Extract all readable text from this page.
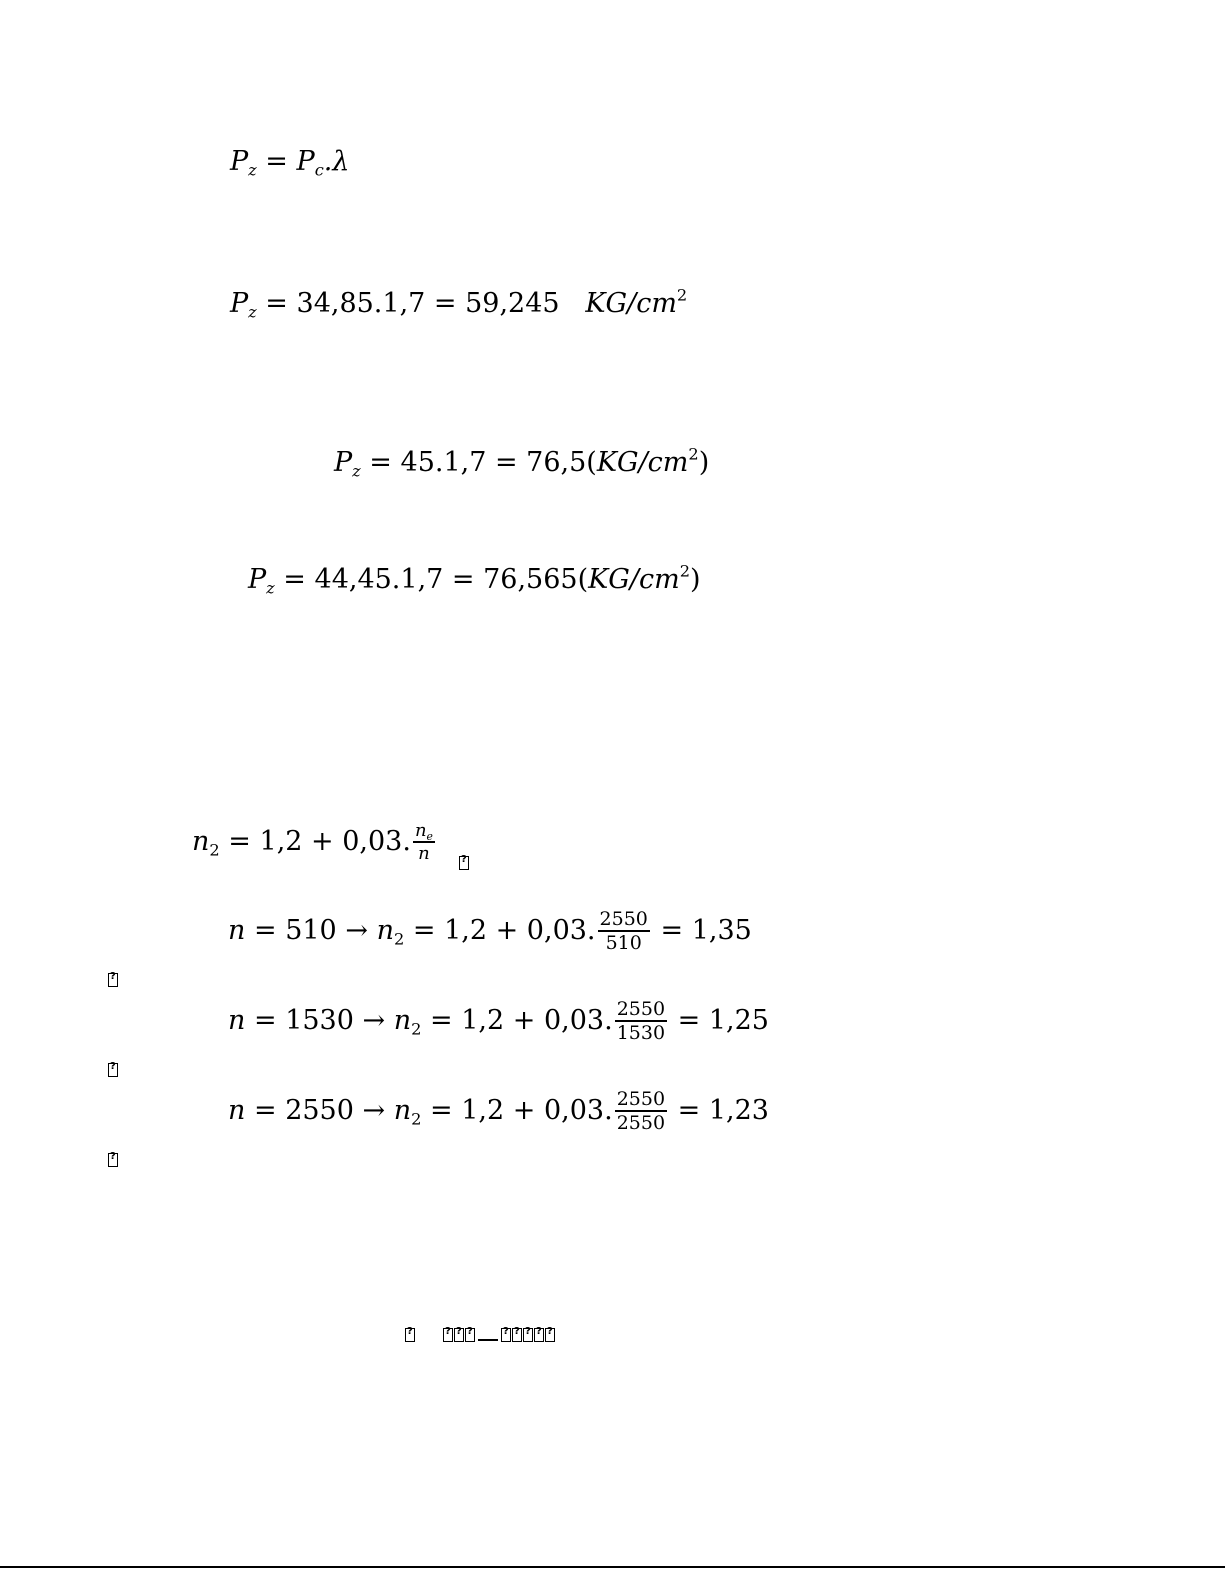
$P_z = P_c.\lambda$
$P_z = 34,85.1,7 = 59,245$ $KG/cm^2$
$P_z = 45.1,7 = 76,5(KG/cm^2)$
$P_z = 44,45.1,7 = 76,565(KG/cm^2)$
$n_2 = 1,2 + 0,03$. $\frac{n_e}{n}$
?
$n = 510 \to n_2 = 1,2 + 0,03$. $\frac{2550}{510} = 1,35$
?
$n = 1530 \to n_2 = 1,2 + 0,03$. $\frac{2550}{1530} = 1,25$
?
$n = 2550 \to n_2 = 1,2 + 0,03$. $\frac{2550}{2550} = 1,23$
?
?
?
?
?
?
?
?
?
?
